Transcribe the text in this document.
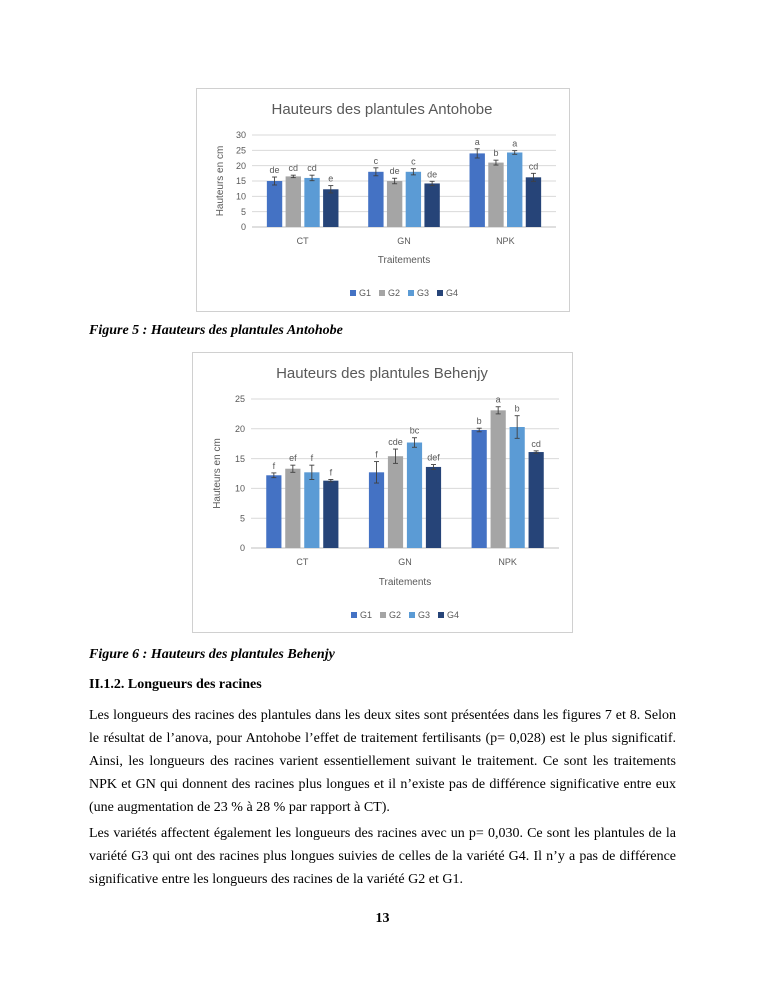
Hauteurs des plantules Antohobe
0
5
10
15
20
25
30
Hauteurs en cm	de cd cd
e
CT
c
de
c
de
GN
a
b
a
cd
NPK
Traitements
G1 G2 G3 G4
Figure 5 : Hauteurs des plantules Antohobe
Hauteurs des plantules Behenjy
0
5
10
15
20
25
Hauteurs en cm	f
ef f
f
CT
f
cde
bc
def
GN
b
a
b
cd
NPK
Traitements
G1 G2 G3 G4
Figure 6 : Hauteurs des plantules Behenjy
II.1.2. Longueurs des racines

Les longueurs des racines des plantules dans les deux sites sont présentées dans les figures 7 et 8. Selon le résultat de l’anova, pour Antohobe l’effet de traitement fertilisants (p= 0,028) est le plus significatif. Ainsi, les longueurs des racines varient essentiellement suivant le traitement. Ce sont les traitements NPK et GN qui donnent des racines plus longues et il n’existe pas de différence significative entre eux (une augmentation de 23 % à 28 % par rapport à CT).

Les variétés affectent également les longueurs des racines avec un p= 0,030. Ce sont les plantules de la variété G3 qui ont des racines plus longues suivies de celles de la variété G4. Il n’y a pas de différence significative entre les longueurs des racines de la variété G2 et G1.

13
